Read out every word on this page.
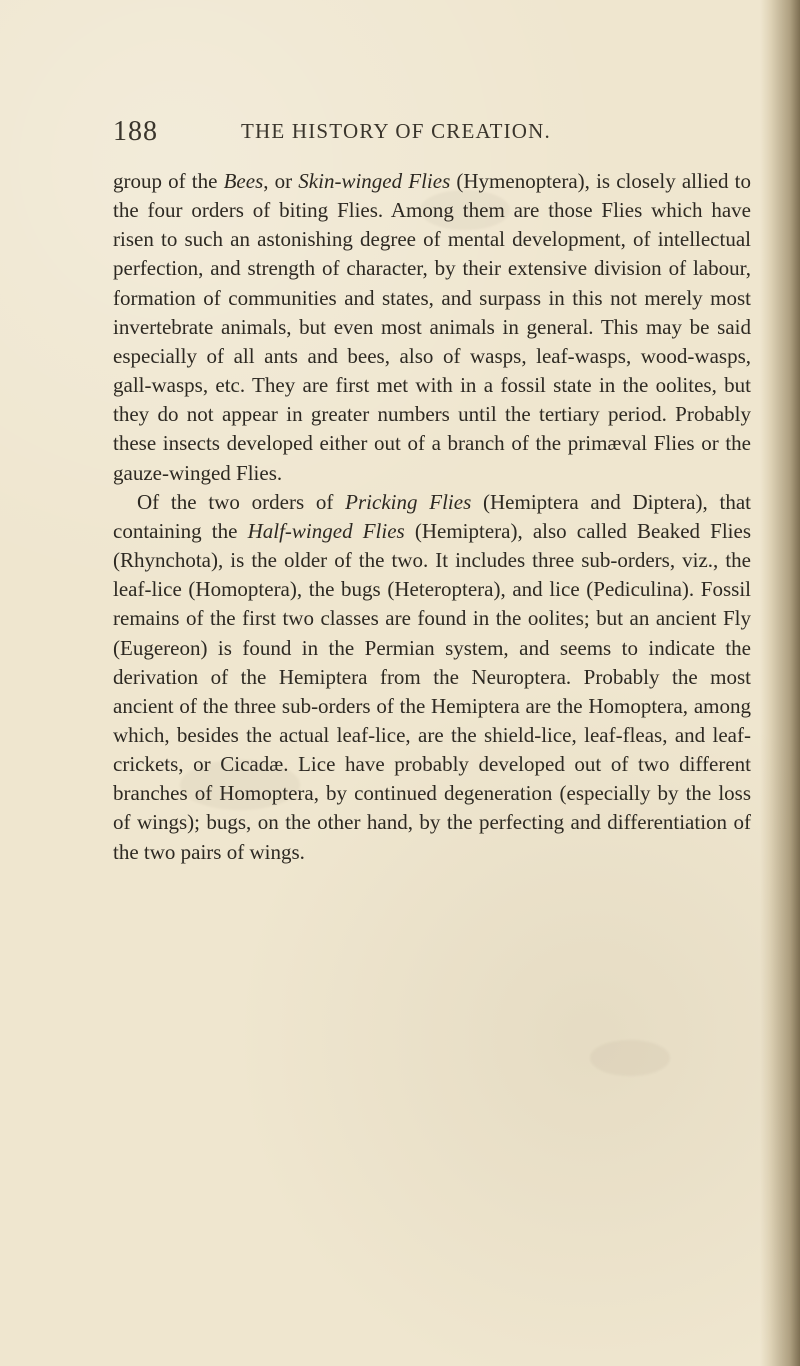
188	THE HISTORY OF CREATION.

group of the Bees, or Skin-winged Flies (Hymenoptera), is closely allied to the four orders of biting Flies. Among them are those Flies which have risen to such an astonishing degree of mental development, of intellectual perfection, and strength of character, by their extensive division of labour, formation of communities and states, and surpass in this not merely most invertebrate animals, but even most animals in general. This may be said especially of all ants and bees, also of wasps, leaf-wasps, wood-wasps, gall-wasps, etc. They are first met with in a fossil state in the oolites, but they do not appear in greater numbers until the tertiary period. Probably these insects developed either out of a branch of the primæval Flies or the gauze-winged Flies.

Of the two orders of Pricking Flies (Hemiptera and Diptera), that containing the Half-winged Flies (Hemiptera), also called Beaked Flies (Rhynchota), is the older of the two. It includes three sub-orders, viz., the leaf-lice (Homoptera), the bugs (Heteroptera), and lice (Pediculina). Fossil remains of the first two classes are found in the oolites; but an ancient Fly (Eugereon) is found in the Permian system, and seems to indicate the derivation of the Hemiptera from the Neuroptera. Probably the most ancient of the three sub-orders of the Hemiptera are the Homoptera, among which, besides the actual leaf-lice, are the shield-lice, leaf-fleas, and leaf-crickets, or Cicadæ. Lice have probably developed out of two different branches of Homoptera, by continued degeneration (especially by the loss of wings); bugs, on the other hand, by the perfecting and differentiation of the two pairs of wings.
